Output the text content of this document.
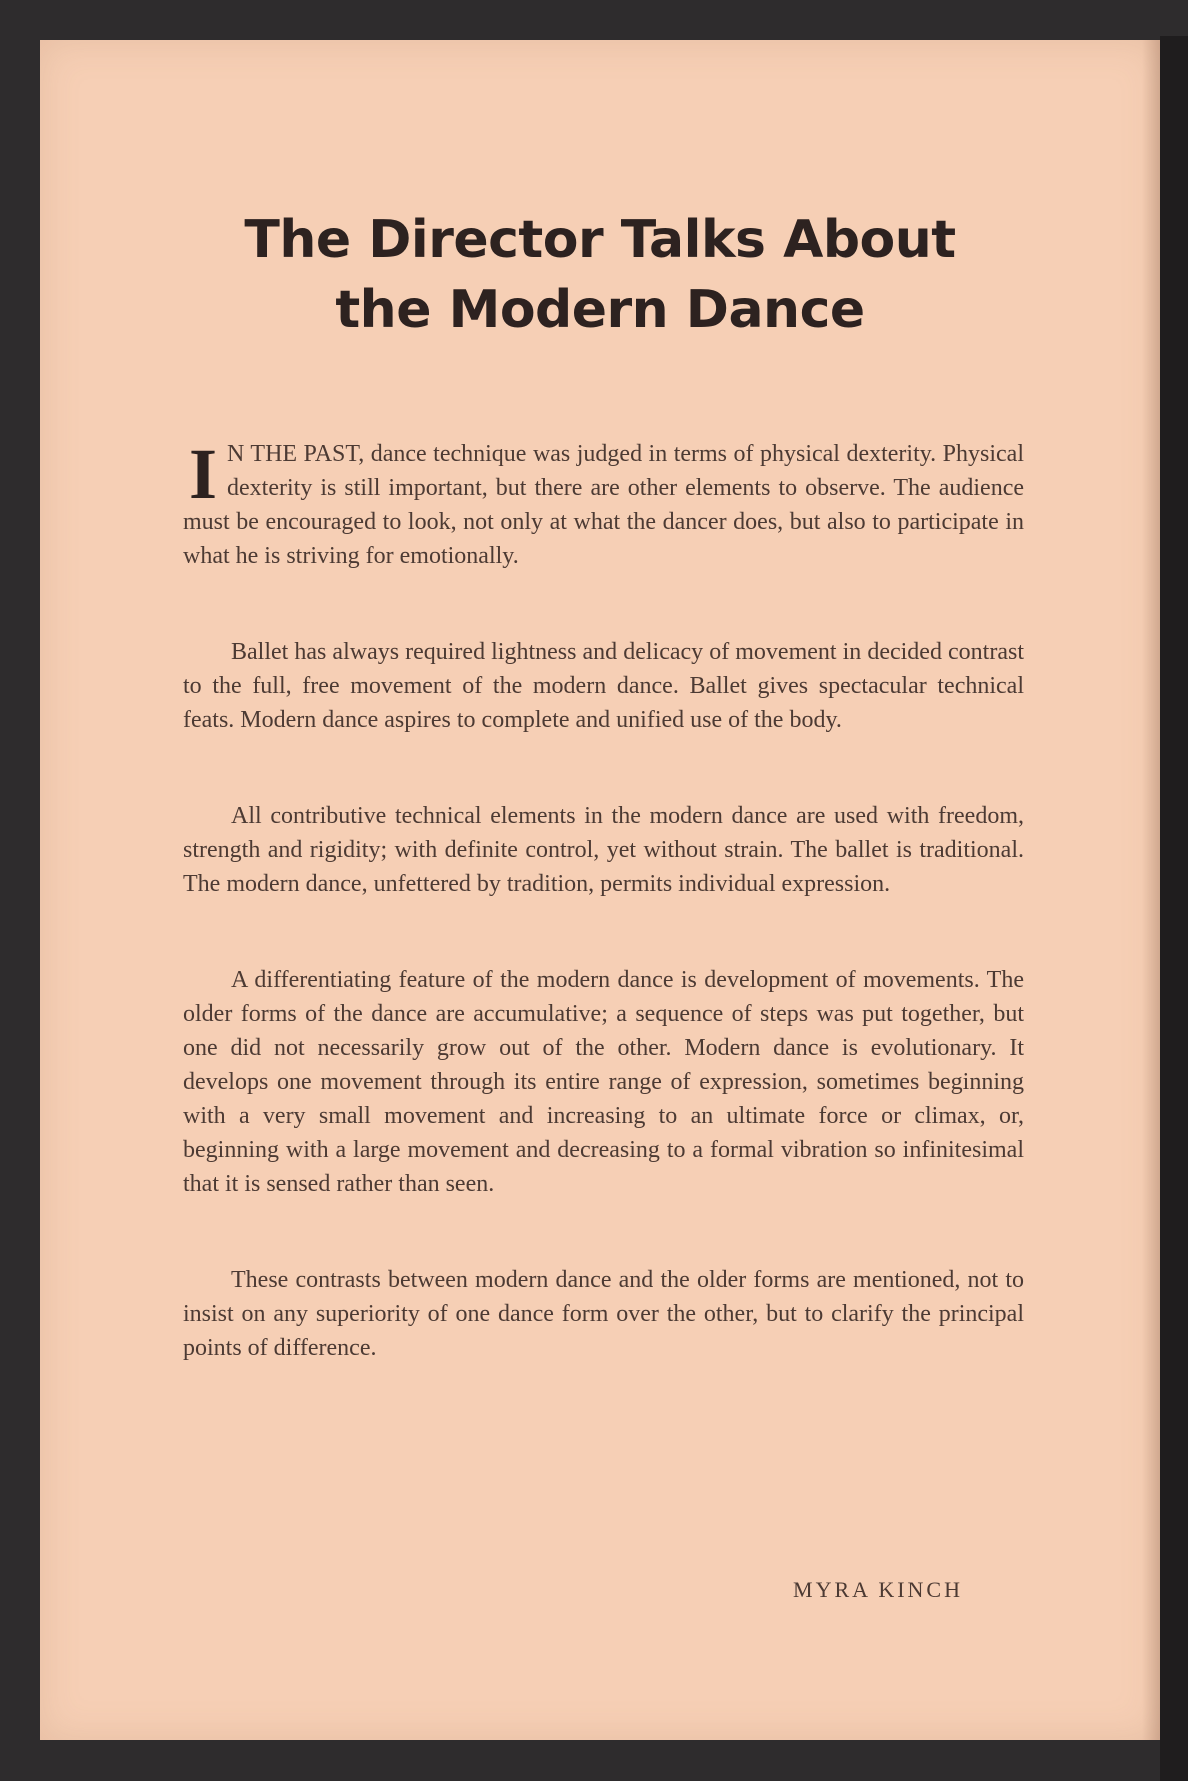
The Director Talks About
the Modern Dance

I N THE PAST, dance technique was judged in terms of physical dexterity. Physical dexterity is still important, but there are other elements to observe. The audience must be encouraged to look, not only at what the dancer does, but also to participate in what he is striving for emotionally.

Ballet has always required lightness and delicacy of movement in decided contrast to the full, free movement of the modern dance. Ballet gives spectacular technical feats. Modern dance aspires to complete and unified use of the body.

All contributive technical elements in the modern dance are used with freedom, strength and rigidity; with definite control, yet without strain. The ballet is traditional. The modern dance, unfettered by tradition, permits individual expression.

A differentiating feature of the modern dance is development of movements. The older forms of the dance are accumulative; a sequence of steps was put together, but one did not necessarily grow out of the other. Modern dance is evolutionary. It develops one movement through its entire range of expression, sometimes beginning with a very small movement and increasing to an ultimate force or climax, or, beginning with a large movement and decreasing to a formal vibration so infinitesimal that it is sensed rather than seen.

These contrasts between modern dance and the older forms are mentioned, not to insist on any superiority of one dance form over the other, but to clarify the principal points of difference.

MYRA KINCH
